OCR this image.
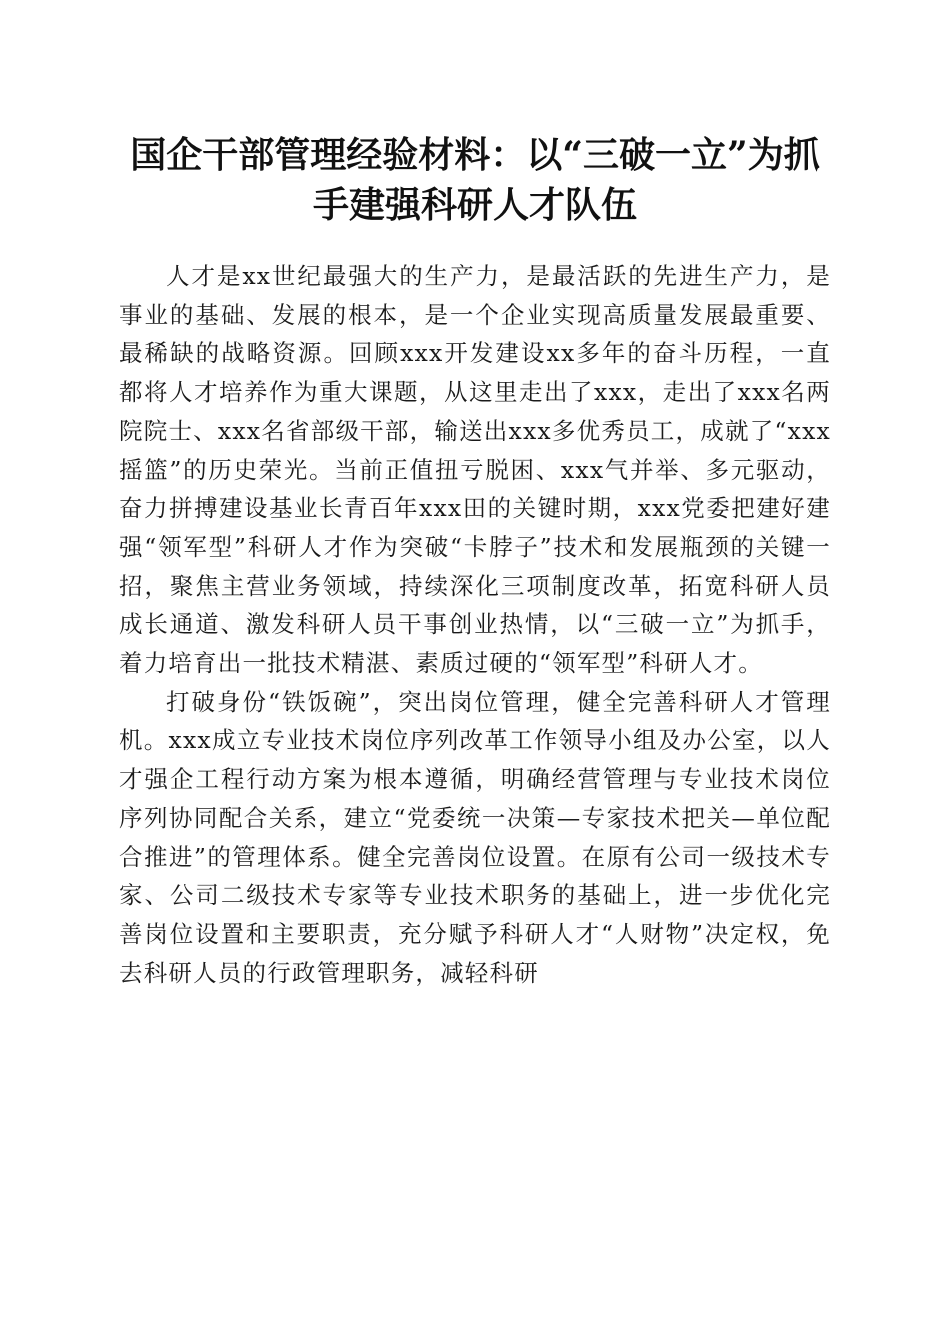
国企干部管理经验材料：以“三破一立”为抓
手建强科研人才队伍

人才是xx世纪最强大的生产力，是最活跃的先进生产力，是事业的基础、发展的根本，是一个企业实现高质量发展最重要、最稀缺的战略资源。回顾xxx开发建设xx多年的奋斗历程，一直都将人才培养作为重大课题，从这里走出了xxx，走出了xxx名两院院士、xxx名省部级干部，输送出xxx多优秀员工，成就了“xxx摇篮”的历史荣光。当前正值扭亏脱困、xxx气并举、多元驱动，奋力拼搏建设基业长青百年xxx田的关键时期，xxx党委把建好建强“领军型”科研人才作为突破“卡脖子”技术和发展瓶颈的关键一招，聚焦主营业务领域，持续深化三项制度改革，拓宽科研人员成长通道、激发科研人员干事创业热情，以“三破一立”为抓手，着力培育出一批技术精湛、素质过硬的“领军型”科研人才。

打破身份“铁饭碗”，突出岗位管理，健全完善科研人才管理机。xxx成立专业技术岗位序列改革工作领导小组及办公室，以人才强企工程行动方案为根本遵循，明确经营管理与专业技术岗位序列协同配合关系，建立“党委统一决策—专家技术把关—单位配合推进”的管理体系。健全完善岗位设置。在原有公司一级技术专家、公司二级技术专家等专业技术职务的基础上，进一步优化完善岗位设置和主要职责，充分赋予科研人才“人财物”决定权，免去科研人员的行政管理职务，减轻科研
